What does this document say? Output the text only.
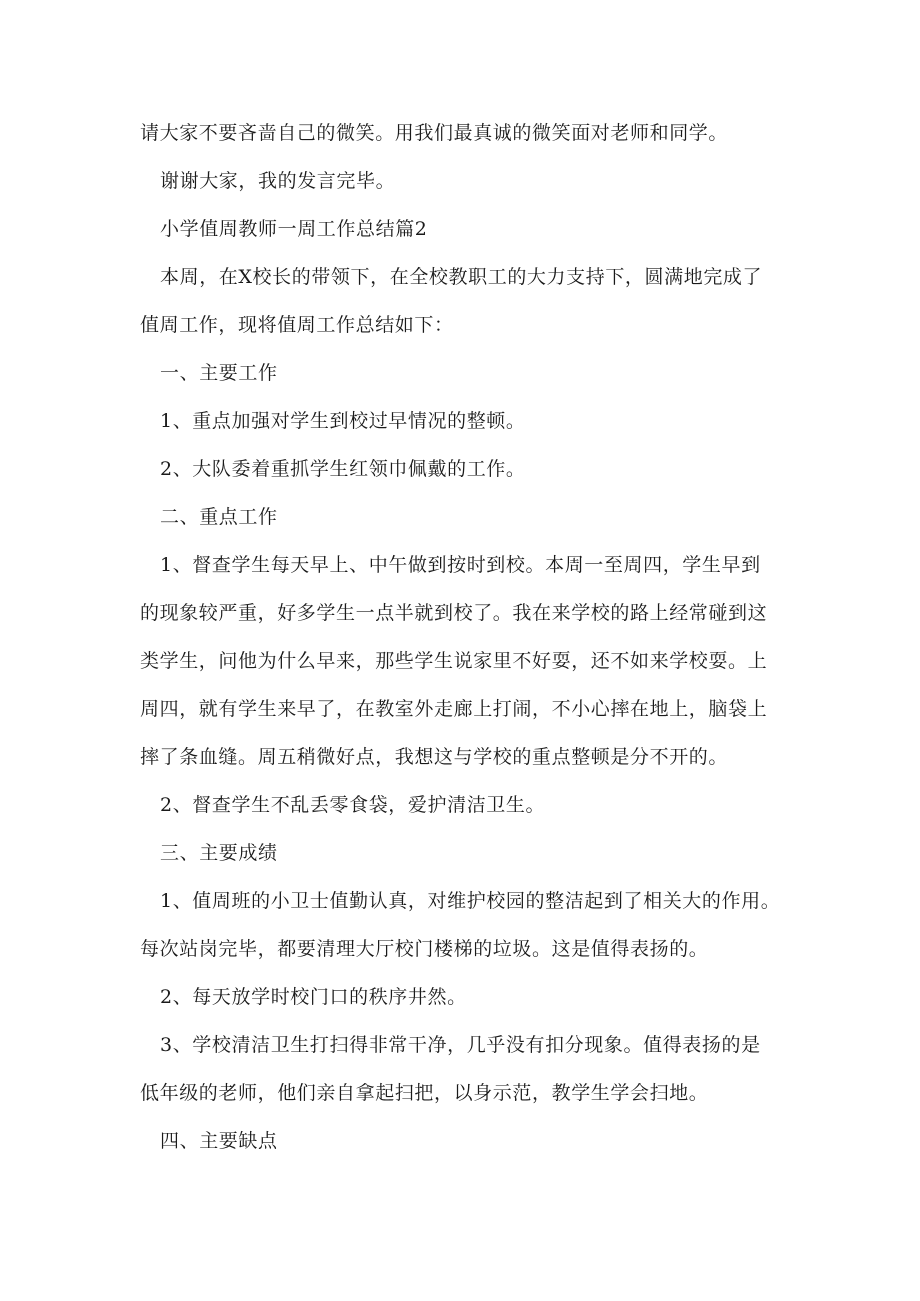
请大家不要吝啬自己的微笑。用我们最真诚的微笑面对老师和同学。

谢谢大家，我的发言完毕。

小学值周教师一周工作总结篇2

本周，在X校长的带领下，在全校教职工的大力支持下，圆满地完成了

值周工作，现将值周工作总结如下：

一、主要工作

1、重点加强对学生到校过早情况的整顿。

2、大队委着重抓学生红领巾佩戴的工作。

二、重点工作

1、督查学生每天早上、中午做到按时到校。本周一至周四，学生早到

的现象较严重，好多学生一点半就到校了。我在来学校的路上经常碰到这

类学生，问他为什么早来，那些学生说家里不好耍，还不如来学校耍。上

周四，就有学生来早了，在教室外走廊上打闹，不小心摔在地上，脑袋上

摔了条血缝。周五稍微好点，我想这与学校的重点整顿是分不开的。

2、督查学生不乱丢零食袋，爱护清洁卫生。

三、主要成绩

1、值周班的小卫士值勤认真，对维护校园的整洁起到了相关大的作用。

每次站岗完毕，都要清理大厅校门楼梯的垃圾。这是值得表扬的。

2、每天放学时校门口的秩序井然。

3、学校清洁卫生打扫得非常干净，几乎没有扣分现象。值得表扬的是

低年级的老师，他们亲自拿起扫把，以身示范，教学生学会扫地。

四、主要缺点
